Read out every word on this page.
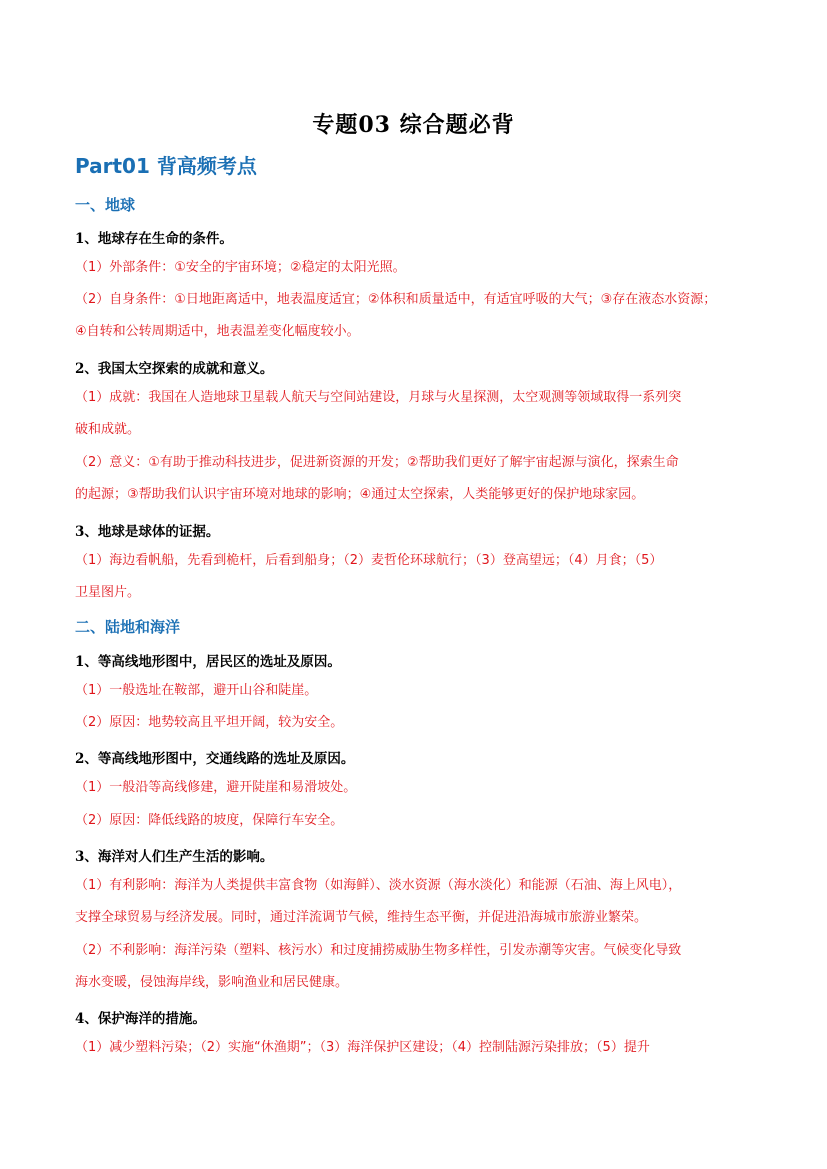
专题03 综合题必背
Part01 背高频考点
一、地球
1、地球存在生命的条件。
（1）外部条件：①安全的宇宙环境；②稳定的太阳光照。
（2）自身条件：①日地距离适中，地表温度适宜；②体积和质量适中，有适宜呼吸的大气；③存在液态水资源；
④自转和公转周期适中，地表温差变化幅度较小。
2、我国太空探索的成就和意义。
（1）成就：我国在人造地球卫星载人航天与空间站建设，月球与火星探测，太空观测等领域取得一系列突
破和成就。
（2）意义：①有助于推动科技进步，促进新资源的开发；②帮助我们更好了解宇宙起源与演化，探索生命
的起源；③帮助我们认识宇宙环境对地球的影响；④通过太空探索，人类能够更好的保护地球家园。
3、地球是球体的证据。
（1）海边看帆船，先看到桅杆，后看到船身；（2）麦哲伦环球航行；（3）登高望远；（4）月食；（5）
卫星图片。
二、陆地和海洋
1、等高线地形图中，居民区的选址及原因。
（1）一般选址在鞍部，避开山谷和陡崖。
（2）原因：地势较高且平坦开阔，较为安全。
2、等高线地形图中，交通线路的选址及原因。
（1）一般沿等高线修建，避开陡崖和易滑坡处。
（2）原因：降低线路的坡度，保障行车安全。
3、海洋对人们生产生活的影响。
（1）有利影响：海洋为人类提供丰富食物（如海鲜）、淡水资源（海水淡化）和能源（石油、海上风电），
支撑全球贸易与经济发展。同时，通过洋流调节气候，维持生态平衡，并促进沿海城市旅游业繁荣。
（2）不利影响：海洋污染（塑料、核污水）和过度捕捞威胁生物多样性，引发赤潮等灾害。气候变化导致
海水变暖，侵蚀海岸线，影响渔业和居民健康。
4、保护海洋的措施。
（1）减少塑料污染；（2）实施“休渔期”；（3）海洋保护区建设；（4）控制陆源污染排放；（5）提升
